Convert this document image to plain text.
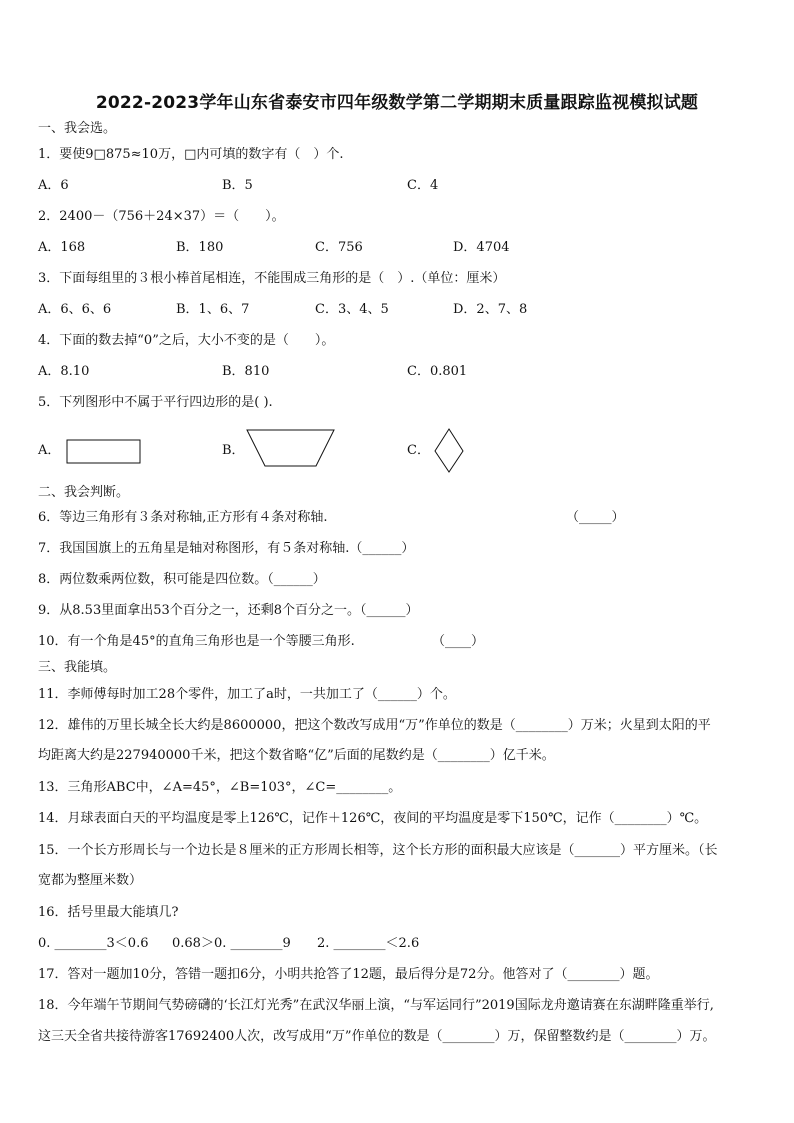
2022-2023学年山东省泰安市四年级数学第二学期期末质量跟踪监视模拟试题
一、我会选。
1．要使9□875≈10万，□内可填的数字有（　）个.
A．6	B．5	C．4
2．2400－（756＋24×37）＝（　　）。
A．168	B．180	C．756	D．4704
3．下面每组里的３根小棒首尾相连，不能围成三角形的是（　）.（单位：厘米）
A．6、6、6	B．1、6、7	C．3、4、5	D．2、7、8
4．下面的数去掉“0”之后，大小不变的是（　　）。
A．8.10	B．810	C．0.801
5．下列图形中不属于平行四边形的是( ).
A．	B．	C．
二、我会判断。
6．等边三角形有３条对称轴,正方形有４条对称轴.	（_____）
7．我国国旗上的五角星是轴对称图形，有５条对称轴.（______）
8．两位数乘两位数，积可能是四位数。（______）
9．从8.53里面拿出53个百分之一，还剩8个百分之一。（______）
10．有一个角是45°的直角三角形也是一个等腰三角形.	（____）
三、我能填。
11．李师傅每时加工28个零件，加工了a时，一共加工了（______）个。
12．雄伟的万里长城全长大约是8600000，把这个数改写成用“万”作单位的数是（________）万米；火星到太阳的平
均距离大约是227940000千米，把这个数省略“亿”后面的尾数约是（________）亿千米。
13．三角形ABC中，∠A=45°，∠B=103°，∠C=________。
14．月球表面白天的平均温度是零上126℃，记作＋126℃，夜间的平均温度是零下150℃，记作（________）℃。
15．一个长方形周长与一个边长是８厘米的正方形周长相等，这个长方形的面积最大应该是（_______）平方厘米。（长
宽都为整厘米数）
16．括号里最大能填几?
0. ________3＜0.6 0.68＞0. ________9 2. ________＜2.6
17．答对一题加10分，答错一题扣6分，小明共抢答了12题，最后得分是72分。他答对了（________）题。
18．今年端午节期间气势磅礴的‘长江灯光秀”在武汉华丽上演，“与军运同行”2019国际龙舟邀请赛在东湖畔隆重举行,
这三天全省共接待游客17692400人次，改写成用“万”作单位的数是（________）万，保留整数约是（________）万。
